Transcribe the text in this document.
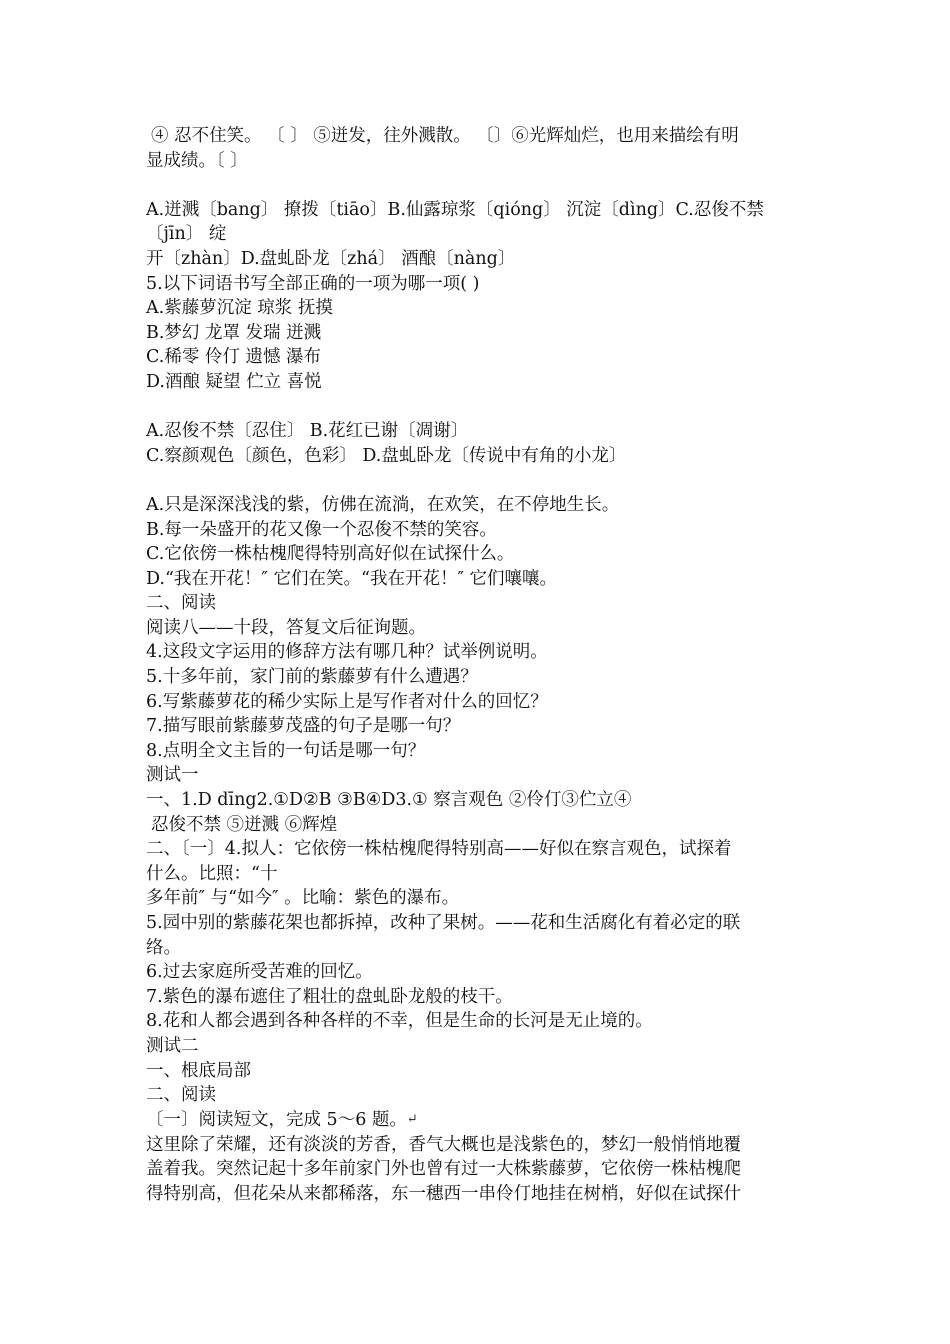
④ 忍不住笑。 〔 〕 ⑤迸发，往外溅散。 〔〕⑥光辉灿烂，也用来描绘有明
显成绩。〔 〕
A.迸溅〔bang〕 撩拨〔tiāo〕B.仙露琼浆〔qióng〕 沉淀〔dìng〕C.忍俊不禁
〔jīn〕 绽
开〔zhàn〕D.盘虬卧龙〔zhá〕 酒酿〔nàng〕
5.以下词语书写全部正确的一项为哪一项( )
A.紫藤萝沉淀 琼浆 抚摸
B.梦幻 龙罩 发瑞 迸溅
C.稀零 伶仃 遗憾 瀑布
D.酒酿 疑望 伫立 喜悦
A.忍俊不禁〔忍住〕 B.花红已谢〔凋谢〕
C.察颜观色〔颜色，色彩〕 D.盘虬卧龙〔传说中有角的小龙〕
A.只是深深浅浅的紫，仿佛在流淌，在欢笑，在不停地生长。
B.每一朵盛开的花又像一个忍俊不禁的笑容。
C.它依傍一株枯槐爬得特别高好似在试探什么。
D.“我在开花！″ 它们在笑。“我在开花！″ 它们嚷嚷。
二、阅读
阅读八——十段，答复文后征询题。
4.这段文字运用的修辞方法有哪几种？试举例说明。
5.十多年前，家门前的紫藤萝有什么遭遇？
6.写紫藤萝花的稀少实际上是写作者对什么的回忆？
7.描写眼前紫藤萝茂盛的句子是哪一句？
8.点明全文主旨的一句话是哪一句？
测试一
一、1.D dīng2.①D②B ③B④D3.① 察言观色 ②伶仃③伫立④
忍俊不禁 ⑤迸溅 ⑥辉煌
二、〔一〕4.拟人：它依傍一株枯槐爬得特别高——好似在察言观色，试探着
什么。比照：“十
多年前″ 与“如今″ 。比喻：紫色的瀑布。
5.园中别的紫藤花架也都拆掉，改种了果树。——花和生活腐化有着必定的联
络。
6.过去家庭所受苦难的回忆。
7.紫色的瀑布遮住了粗壮的盘虬卧龙般的枝干。
8.花和人都会遇到各种各样的不幸，但是生命的长河是无止境的。
测试二
一、根底局部
二、阅读
〔一〕阅读短文，完成 5～6 题。↵
这里除了荣耀，还有淡淡的芳香，香气大概也是浅紫色的，梦幻一般悄悄地覆
盖着我。突然记起十多年前家门外也曾有过一大株紫藤萝，它依傍一株枯槐爬
得特别高，但花朵从来都稀落，东一穗西一串伶仃地挂在树梢，好似在试探什
